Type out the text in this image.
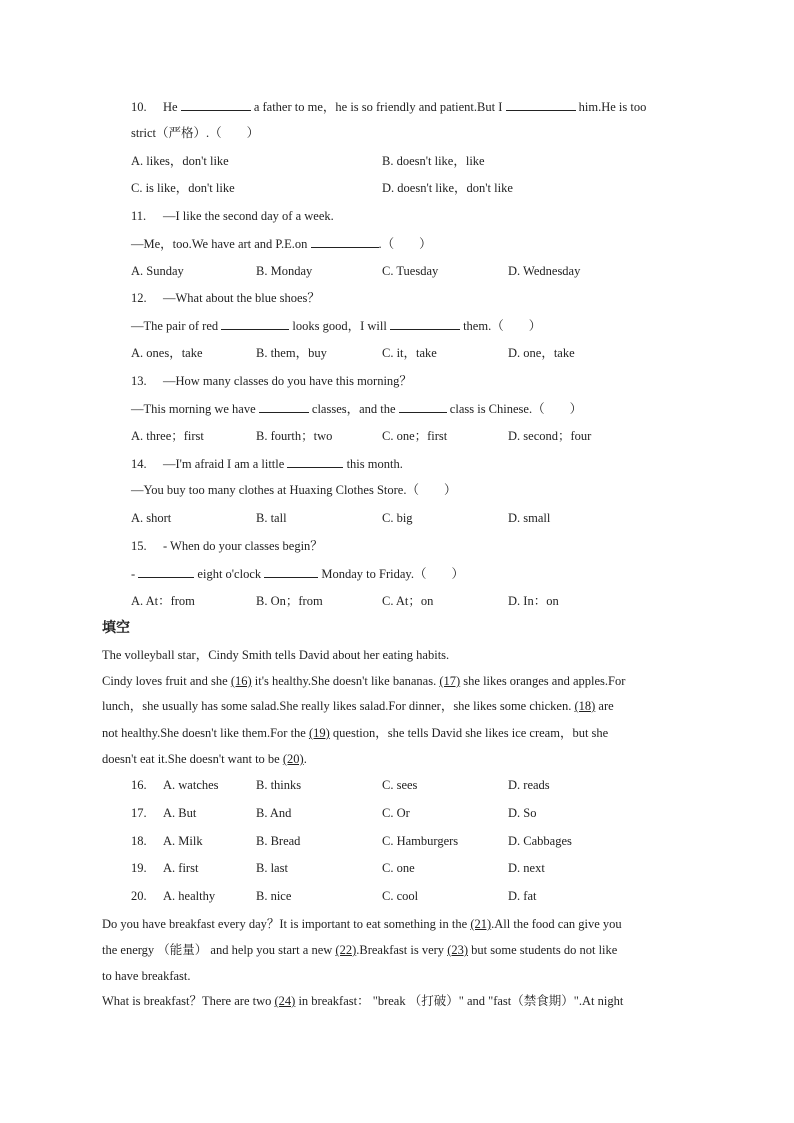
10. He	a father to me，he is so friendly and patient.But I	him.He is too
strict（严格）.（　　）
A. likes，don't like	B. doesn't like，like
C. is like，don't like	D. doesn't like，don't like
11. —I like the second day of a week.
—Me，too.We have art and P.E.on	.（　　）
A. Sunday	B. Monday	C. Tuesday	D. Wednesday
12. —What about the blue shoes？
—The pair of red	looks good，I will	them.（　　）
A. ones，take	B. them，buy	C. it，take	D. one，take
13. —How many classes do you have this morning？
—This morning we have	classes，and the	class is Chinese.（　　）
A. three；first	B. fourth；two	C. one；first	D. second；four
14. —I'm afraid I am a little	this month.
—You buy too many clothes at Huaxing Clothes Store.（　　）
A. short	B. tall	C. big	D. small
15. - When do your classes begin？
-	eight o'clock	Monday to Friday.（　　）
A. At：from	B. On；from	C. At；on	D. In：on
填空
The volleyball star，Cindy Smith tells David about her eating habits.
Cindy loves fruit and she (16) it's healthy.She doesn't like bananas. (17) she likes oranges and apples.For
lunch，she usually has some salad.She really likes salad.For dinner，she likes some chicken. (18) are
not healthy.She doesn't like them.For the (19) question，she tells David she likes ice cream，but she
doesn't eat it.She doesn't want to be (20).
16. A. watches	B. thinks	C. sees	D. reads
17. A. But	B. And	C. Or	D. So
18. A. Milk	B. Bread	C. Hamburgers	D. Cabbages
19. A. first	B. last	C. one	D. next
20. A. healthy	B. nice	C. cool	D. fat
Do you have breakfast every day？It is important to eat something in the (21).All the food can give you
the energy （能量） and help you start a new (22).Breakfast is very (23) but some students do not like
to have breakfast.
What is breakfast？There are two (24) in breakfast： "break （打破）" and "fast（禁食期）".At night
